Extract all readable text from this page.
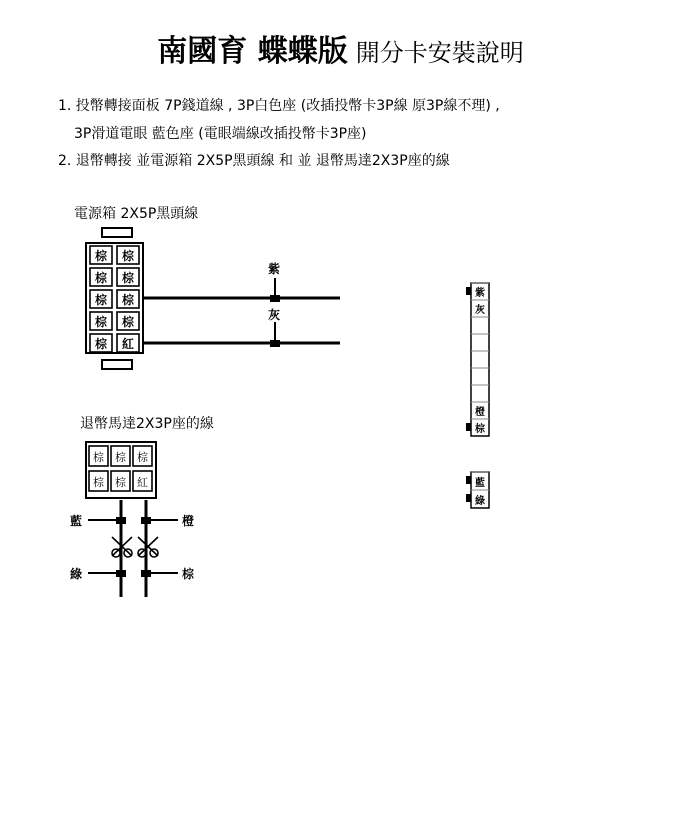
南國育 蝶蝶版 開分卡安裝說明
1. 投幣轉接面板 7P錢道線 , 3P白色座 (改插投幣卡3P線 原3P線不理) ,
3P滑道電眼 藍色座 (電眼端線改插投幣卡3P座)
2. 退幣轉接 並電源箱 2X5P黑頭線 和 並 退幣馬達2X3P座的線
電源箱 2X5P黑頭線
棕 棕
棕 棕
棕 棕
棕 棕
棕 紅
紫
灰
退幣馬達2X3P座的線
棕 棕 棕
棕 棕 紅
藍	橙
綠	棕
紫
灰
橙
棕
藍
綠
